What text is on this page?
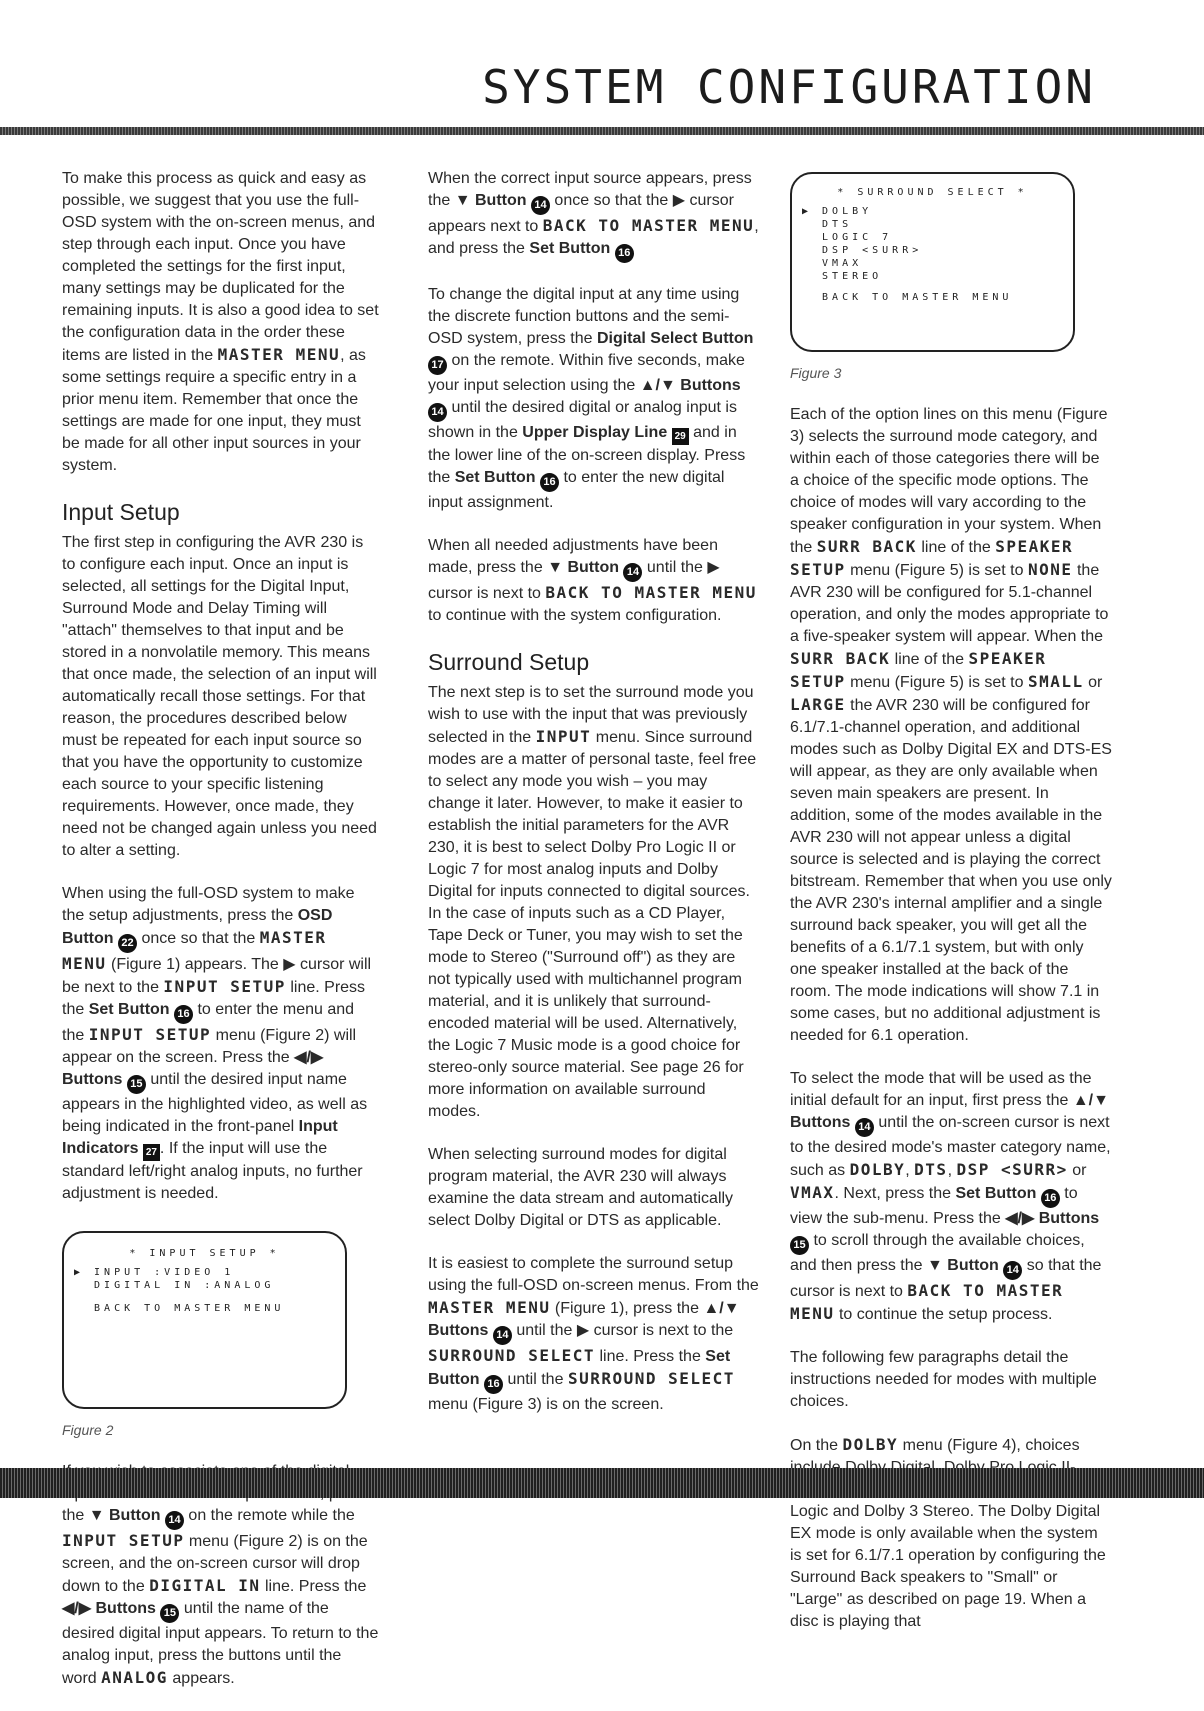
SYSTEM CONFIGURATION

To make this process as quick and easy as possible, we suggest that you use the full-OSD system with the on-screen menus, and step through each input. Once you have completed the settings for the first input, many settings may be duplicated for the remaining inputs. It is also a good idea to set the configuration data in the order these items are listed in the MASTER MENU, as some settings require a specific entry in a prior menu item. Remember that once the settings are made for one input, they must be made for all other input sources in your system.

Input Setup

The first step in configuring the AVR 230 is to configure each input. Once an input is selected, all settings for the Digital Input, Surround Mode and Delay Timing will "attach" themselves to that input and be stored in a nonvolatile memory. This means that once made, the selection of an input will automatically recall those settings. For that reason, the procedures described below must be repeated for each input source so that you have the opportunity to customize each source to your specific listening requirements. However, once made, they need not be changed again unless you need to alter a setting.

When using the full-OSD system to make the setup adjustments, press the OSD Button 22 once so that the MASTER MENU (Figure 1) appears. The ▶ cursor will be next to the INPUT SETUP line. Press the Set Button 16 to enter the menu and the INPUT SETUP menu (Figure 2) will appear on the screen. Press the ◀/▶ Buttons 15 until the desired input name appears in the highlighted video, as well as being indicated in the front-panel Input Indicators 27 . If the input will use the standard left/right analog inputs, no further adjustment is needed.

* INPUT SETUP *
▶ INPUT :VIDEO 1
DIGITAL IN :ANALOG
BACK TO MASTER MENU
Figure 2

the ▼ Button 14 on the remote while the INPUT SETUP menu (Figure 2) is on the screen, and the on-screen cursor will drop down to the DIGITAL IN line. Press the ◀/▶ Buttons 15 until the name of the desired digital input appears. To return to the analog input, press the buttons until the word ANALOG appears.

When the correct input source appears, press the ▼ Button 14 once so that the ▶ cursor appears next to BACK TO MASTER MENU, and press the Set Button 16

To change the digital input at any time using the discrete function buttons and the semi-OSD system, press the Digital Select Button 17 on the remote. Within five seconds, make your input selection using the ▲/▼ Buttons 14 until the desired digital or analog input is shown in the Upper Display Line 29 and in the lower line of the on-screen display. Press the Set Button 16 to enter the new digital input assignment.

When all needed adjustments have been made, press the ▼ Button 14 until the ▶ cursor is next to BACK TO MASTER MENU to continue with the system configuration.

Surround Setup

The next step is to set the surround mode you wish to use with the input that was previously selected in the INPUT menu. Since surround modes are a matter of personal taste, feel free to select any mode you wish – you may change it later. However, to make it easier to establish the initial parameters for the AVR 230, it is best to select Dolby Pro Logic II or Logic 7 for most analog inputs and Dolby Digital for inputs connected to digital sources. In the case of inputs such as a CD Player, Tape Deck or Tuner, you may wish to set the mode to Stereo ("Surround off") as they are not typically used with multichannel program material, and it is unlikely that surround-encoded material will be used. Alternatively, the Logic 7 Music mode is a good choice for stereo-only source material. See page 26 for more information on available surround modes.

When selecting surround modes for digital program material, the AVR 230 will always examine the data stream and automatically select Dolby Digital or DTS as applicable.

It is easiest to complete the surround setup using the full-OSD on-screen menus. From the MASTER MENU (Figure 1), press the ▲/▼ Buttons 14 until the ▶ cursor is next to the SURROUND SELECT line. Press the Set Button 16 until the SURROUND SELECT menu (Figure 3) is on the screen.

* SURROUND SELECT *
▶ DOLBY
DTS
LOGIC 7
DSP <SURR>
VMAX
STEREO
BACK TO MASTER MENU
Figure 3

Each of the option lines on this menu (Figure 3) selects the surround mode category, and within each of those categories there will be a choice of the specific mode options. The choice of modes will vary according to the speaker configuration in your system. When the SURR BACK line of the SPEAKER SETUP menu (Figure 5) is set to NONE the AVR 230 will be configured for 5.1-channel operation, and only the modes appropriate to a five-speaker system will appear. When the SURR BACK line of the SPEAKER SETUP menu (Figure 5) is set to SMALL or LARGE the AVR 230 will be configured for 6.1/7.1-channel operation, and additional modes such as Dolby Digital EX and DTS-ES will appear, as they are only available when seven main speakers are present. In addition, some of the modes available in the AVR 230 will not appear unless a digital source is selected and is playing the correct bitstream. Remember that when you use only the AVR 230's internal amplifier and a single surround back speaker, you will get all the benefits of a 6.1/7.1 system, but with only one speaker installed at the back of the room. The mode indications will show 7.1 in some cases, but no additional adjustment is needed for 6.1 operation.

To select the mode that will be used as the initial default for an input, first press the ▲/▼ Buttons 14 until the on-screen cursor is next to the desired mode's master category name, such as DOLBY, DTS, DSP <SURR> or VMAX. Next, press the Set Button 16 to view the sub-menu. Press the ◀/▶ Buttons 15 to scroll through the available choices, and then press the ▼ Button 14 so that the cursor is next to BACK TO MASTER MENU to continue the setup process.

The following few paragraphs detail the instructions needed for modes with multiple choices.

On the DOLBY menu (Figure 4), choices Logic and Dolby 3 Stereo. The Dolby Digital EX mode is only available when the system is set for 6.1/7.1 operation by configuring the Surround Back speakers to "Small" or "Large" as described on page 19. When a disc is playing that
